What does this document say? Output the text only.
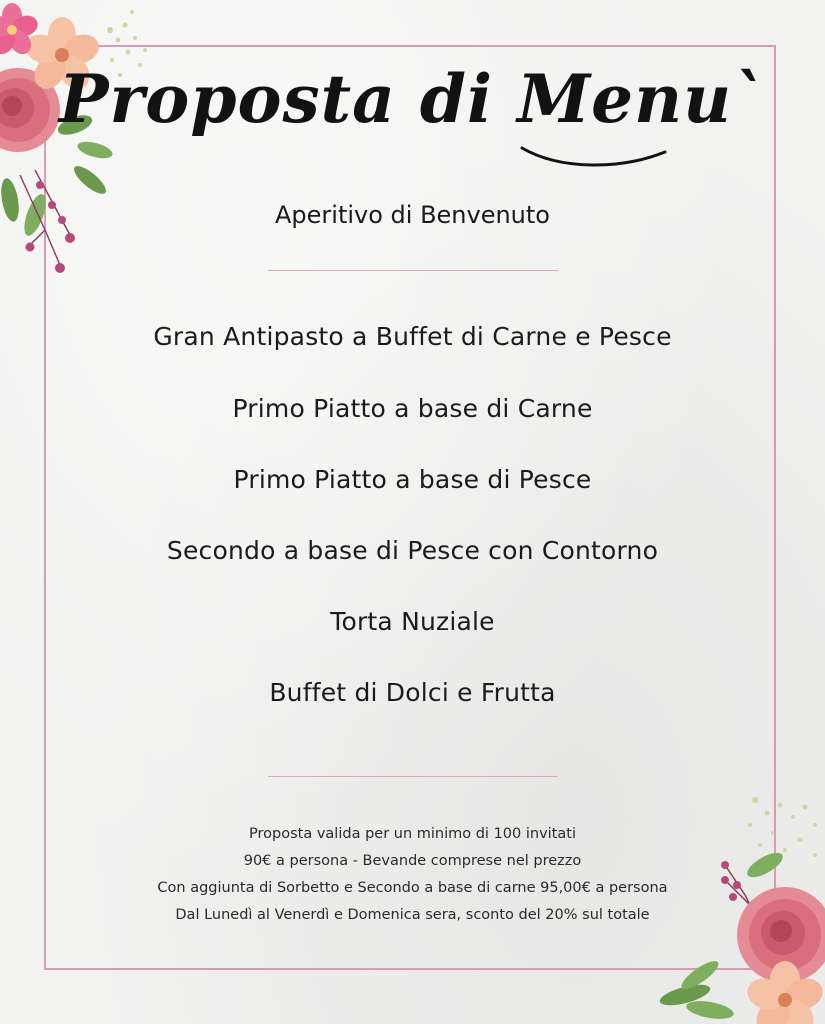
Proposta di Menu`
Aperitivo di Benvenuto
Gran Antipasto a Buffet di Carne e Pesce
Primo Piatto a base di Carne
Primo Piatto a base di Pesce
Secondo a base di Pesce con Contorno
Torta Nuziale
Buffet di Dolci e Frutta
Proposta valida per un minimo di 100 invitati
90€ a persona - Bevande comprese nel prezzo
Con aggiunta di Sorbetto e Secondo a base di carne 95,00€ a persona
Dal Lunedì al Venerdì e Domenica sera, sconto del 20% sul totale
